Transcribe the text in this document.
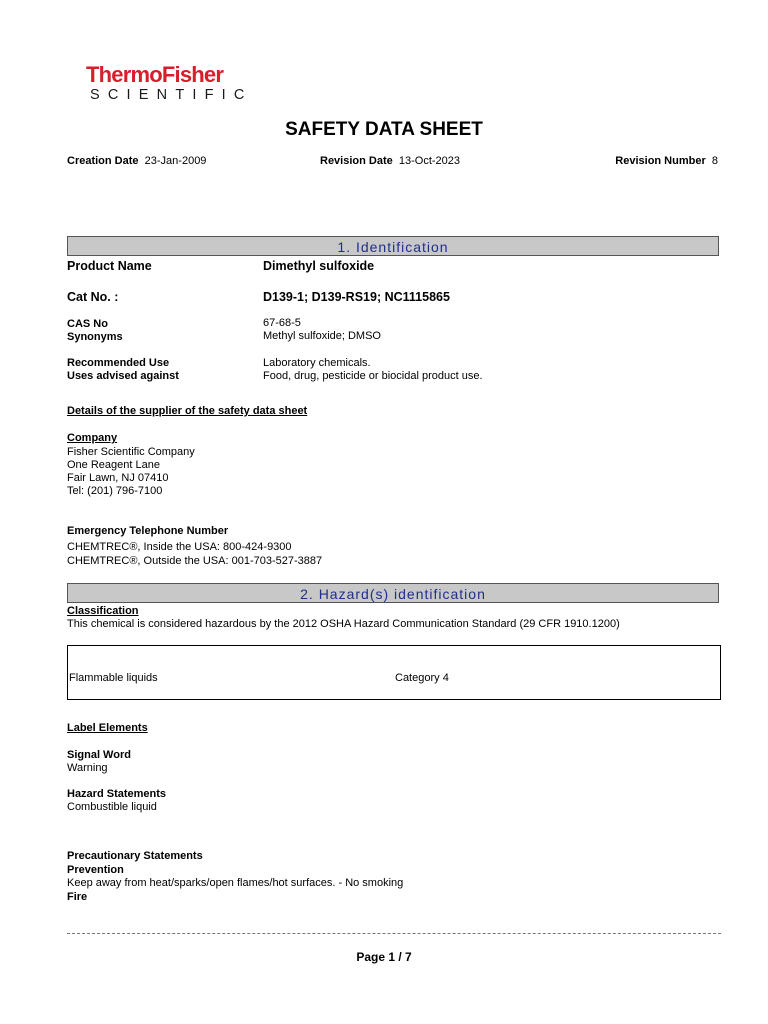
ThermoFisher
SCIENTIFIC
SAFETY DATA SHEET
Creation Date 23-Jan-2009	Revision Date 13-Oct-2023	Revision Number 8
1. Identification
Product Name	Dimethyl sulfoxide
Cat No. :	D139-1; D139-RS19; NC1115865
CAS No	67-68-5
Synonyms	Methyl sulfoxide; DMSO
Recommended Use	Laboratory chemicals.
Uses advised against	Food, drug, pesticide or biocidal product use.
Details of the supplier of the safety data sheet
Company
Fisher Scientific Company
One Reagent Lane
Fair Lawn, NJ 07410
Tel: (201) 796-7100
Emergency Telephone Number
CHEMTREC®, Inside the USA: 800-424-9300
CHEMTREC®, Outside the USA: 001-703-527-3887
2. Hazard(s) identification
Classification
This chemical is considered hazardous by the 2012 OSHA Hazard Communication Standard (29 CFR 1910.1200)
Flammable liquids	Category 4
Label Elements
Signal Word
Warning
Hazard Statements
Combustible liquid
Precautionary Statements
Prevention
Keep away from heat/sparks/open flames/hot surfaces. - No smoking
Fire
Page 1 / 7
